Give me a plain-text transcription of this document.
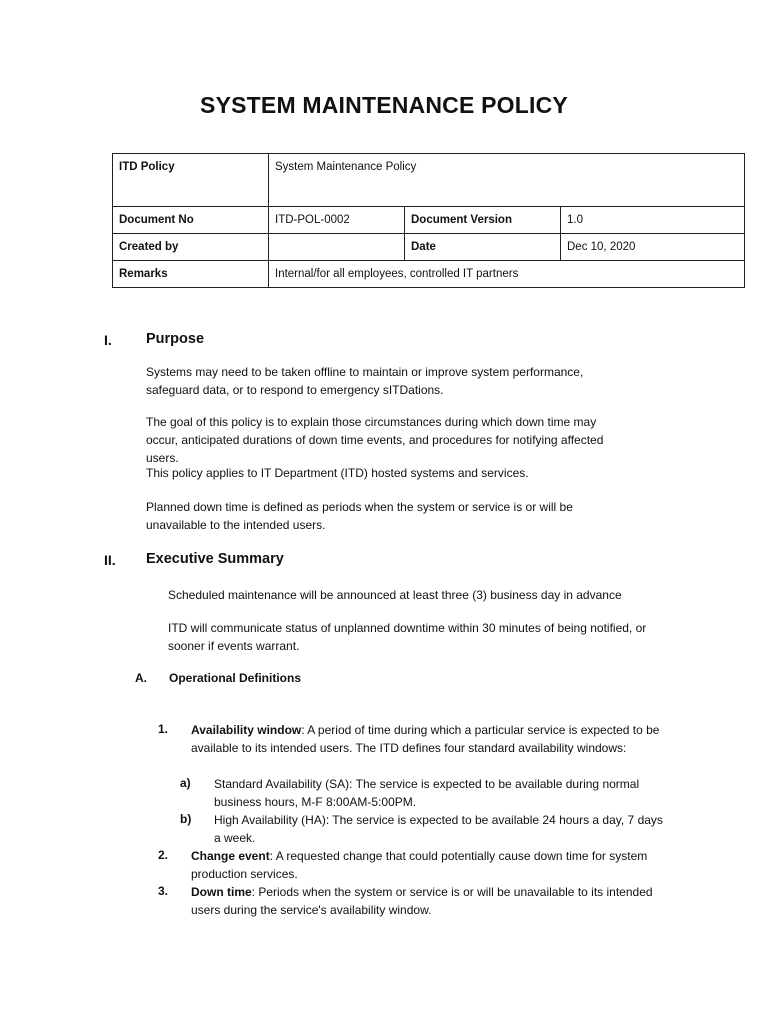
SYSTEM MAINTENANCE POLICY
ITD Policy	System Maintenance Policy		
Document No	ITD-POL-0002	Document Version	1.0
Created by		Date	Dec 10, 2020
Remarks	Internal/for all employees, controlled IT partners		
I. Purpose

Systems may need to be taken offline to maintain or improve system performance, safeguard data, or to respond to emergency sITDations.

The goal of this policy is to explain those circumstances during which down time may occur, anticipated durations of down time events, and procedures for notifying affected users.

This policy applies to IT Department (ITD) hosted systems and services.

Planned down time is defined as periods when the system or service is or will be unavailable to the intended users.

II. Executive Summary

Scheduled maintenance will be announced at least three (3) business day in advance

ITD will communicate status of unplanned downtime within 30 minutes of being notified, or sooner if events warrant.

A. Operational Definitions
1. Availability window: A period of time during which a particular service is expected to be available to its intended users. The ITD defines four standard availability windows:
a) Standard Availability (SA): The service is expected to be available during normal business hours, M-F 8:00AM-5:00PM.
b) High Availability (HA): The service is expected to be available 24 hours a day, 7 days a week.
2. Change event: A requested change that could potentially cause down time for system production services.
3. Down time: Periods when the system or service is or will be unavailable to its intended users during the service's availability window.
